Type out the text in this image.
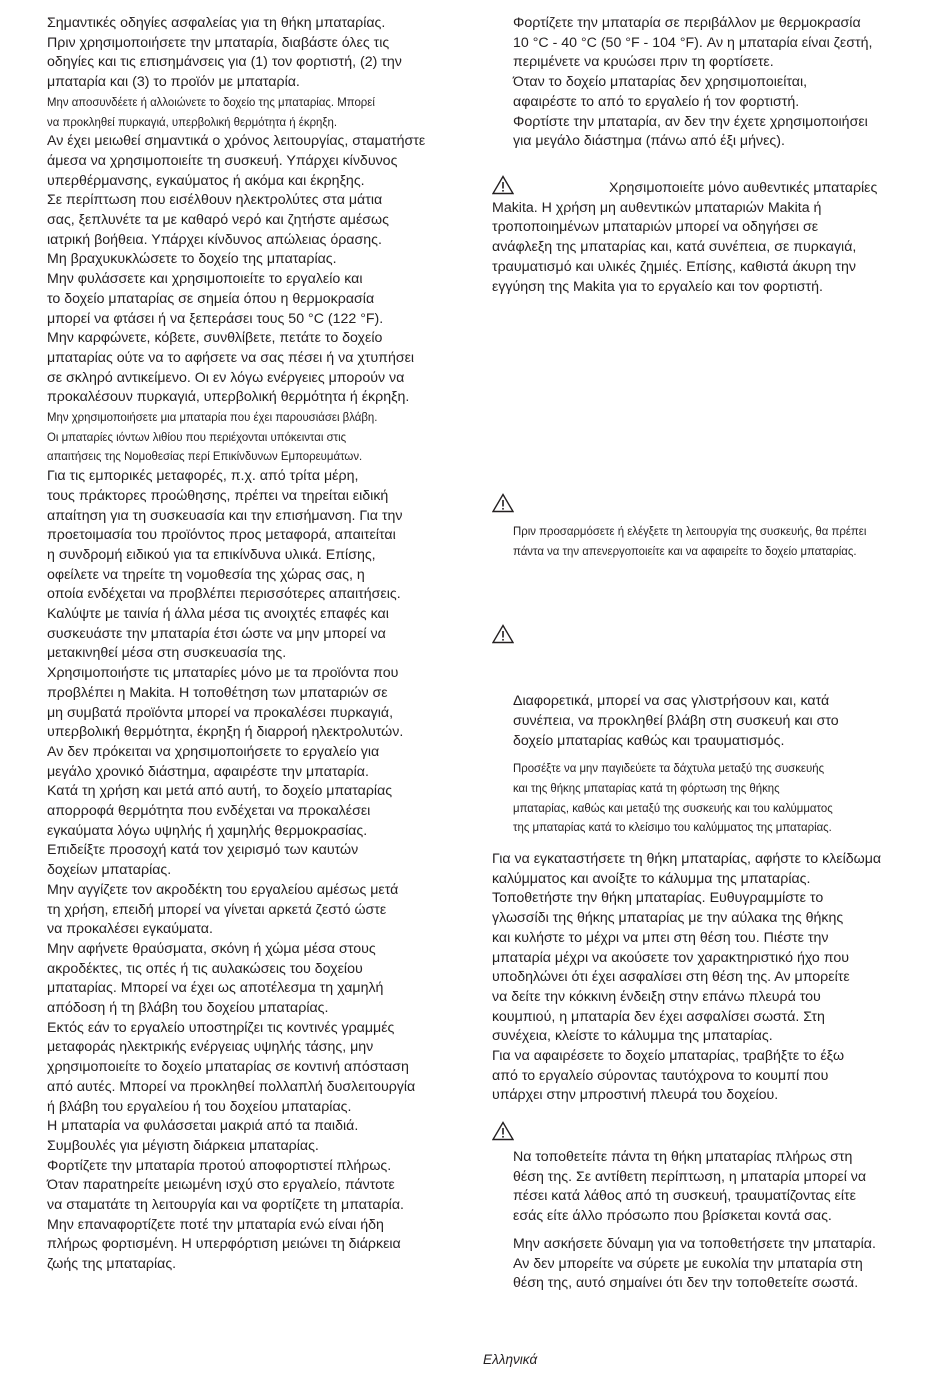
Σημαντικές οδηγίες ασφαλείας για τη θήκη μπαταρίας.
Πριν χρησιμοποιήσετε την μπαταρία, διαβάστε όλες τις
οδηγίες και τις επισημάνσεις για (1) τον φορτιστή, (2) την
μπαταρία και (3) το προϊόν με μπαταρία.
Μην αποσυνδέετε ή αλλοιώνετε το δοχείο της μπαταρίας. Μπορεί
να προκληθεί πυρκαγιά, υπερβολική θερμότητα ή έκρηξη.
Αν έχει μειωθεί σημαντικά ο χρόνος λειτουργίας, σταματήστε
άμεσα να χρησιμοποιείτε τη συσκευή. Υπάρχει κίνδυνος
υπερθέρμανσης, εγκαύματος ή ακόμα και έκρηξης.
Σε περίπτωση που εισέλθουν ηλεκτρολύτες στα μάτια
σας, ξεπλυνέτε τα με καθαρό νερό και ζητήστε αμέσως
ιατρική βοήθεια. Υπάρχει κίνδυνος απώλειας όρασης.
Μη βραχυκυκλώσετε το δοχείο της μπαταρίας.
Μην φυλάσσετε και χρησιμοποιείτε το εργαλείο και
το δοχείο μπαταρίας σε σημεία όπου η θερμοκρασία
μπορεί να φτάσει ή να ξεπεράσει τους 50 °C (122 °F).
Μην καρφώνετε, κόβετε, συνθλίβετε, πετάτε το δοχείο
μπαταρίας ούτε να το αφήσετε να σας πέσει ή να χτυπήσει
σε σκληρό αντικείμενο. Οι εν λόγω ενέργειες μπορούν να
προκαλέσουν πυρκαγιά, υπερβολική θερμότητα ή έκρηξη.
Μην χρησιμοποιήσετε μια μπαταρία που έχει παρουσιάσει βλάβη.
Οι μπαταρίες ιόντων λιθίου που περιέχονται υπόκεινται στις
απαιτήσεις της Νομοθεσίας περί Επικίνδυνων Εμπορευμάτων.
Για τις εμπορικές μεταφορές, π.χ. από τρίτα μέρη,
τους πράκτορες προώθησης, πρέπει να τηρείται ειδική
απαίτηση για τη συσκευασία και την επισήμανση. Για την
προετοιμασία του προϊόντος προς μεταφορά, απαιτείται
η συνδρομή ειδικού για τα επικίνδυνα υλικά. Επίσης,
οφείλετε να τηρείτε τη νομοθεσία της χώρας σας, η
οποία ενδέχεται να προβλέπει περισσότερες απαιτήσεις.
Καλύψτε με ταινία ή άλλα μέσα τις ανοιχτές επαφές και
συσκευάστε την μπαταρία έτσι ώστε να μην μπορεί να
μετακινηθεί μέσα στη συσκευασία της.
Χρησιμοποιήστε τις μπαταρίες μόνο με τα προϊόντα που
προβλέπει η Makita. Η τοποθέτηση των μπαταριών σε
μη συμβατά προϊόντα μπορεί να προκαλέσει πυρκαγιά,
υπερβολική θερμότητα, έκρηξη ή διαρροή ηλεκτρολυτών.
Αν δεν πρόκειται να χρησιμοποιήσετε το εργαλείο για
μεγάλο χρονικό διάστημα, αφαιρέστε την μπαταρία.
Κατά τη χρήση και μετά από αυτή, το δοχείο μπαταρίας
απορροφά θερμότητα που ενδέχεται να προκαλέσει
εγκαύματα λόγω υψηλής ή χαμηλής θερμοκρασίας.
Επιδείξτε προσοχή κατά τον χειρισμό των καυτών
δοχείων μπαταρίας.
Μην αγγίζετε τον ακροδέκτη του εργαλείου αμέσως μετά
τη χρήση, επειδή μπορεί να γίνεται αρκετά ζεστό ώστε
να προκαλέσει εγκαύματα.
Μην αφήνετε θραύσματα, σκόνη ή χώμα μέσα στους
ακροδέκτες, τις οπές ή τις αυλακώσεις του δοχείου
μπαταρίας. Μπορεί να έχει ως αποτέλεσμα τη χαμηλή
απόδοση ή τη βλάβη του δοχείου μπαταρίας.
Εκτός εάν το εργαλείο υποστηρίζει τις κοντινές γραμμές
μεταφοράς ηλεκτρικής ενέργειας υψηλής τάσης, μην
χρησιμοποιείτε το δοχείο μπαταρίας σε κοντινή απόσταση
από αυτές. Μπορεί να προκληθεί πολλαπλή δυσλειτουργία
ή βλάβη του εργαλείου ή του δοχείου μπαταρίας.
Η μπαταρία να φυλάσσεται μακριά από τα παιδιά.
Συμβουλές για μέγιστη διάρκεια μπαταρίας.
Φορτίζετε την μπαταρία προτού αποφορτιστεί πλήρως.
Όταν παρατηρείτε μειωμένη ισχύ στο εργαλείο, πάντοτε
να σταματάτε τη λειτουργία και να φορτίζετε τη μπαταρία.
Μην επαναφορτίζετε ποτέ την μπαταρία ενώ είναι ήδη
πλήρως φορτισμένη. Η υπερφόρτιση μειώνει τη διάρκεια
ζωής της μπαταρίας.
Φορτίζετε την μπαταρία σε περιβάλλον με θερμοκρασία
10 °C - 40 °C (50 °F - 104 °F). Αν η μπαταρία είναι ζεστή,
περιμένετε να κρυώσει πριν τη φορτίσετε.
Όταν το δοχείο μπαταρίας δεν χρησιμοποιείται,
αφαιρέστε το από το εργαλείο ή τον φορτιστή.
Φορτίστε την μπαταρία, αν δεν την έχετε χρησιμοποιήσει
για μεγάλο διάστημα (πάνω από έξι μήνες).
Χρησιμοποιείτε μόνο αυθεντικές μπαταρίες
Makita. Η χρήση μη αυθεντικών μπαταριών Makita ή
τροποποιημένων μπαταριών μπορεί να οδηγήσει σε
ανάφλεξη της μπαταρίας και, κατά συνέπεια, σε πυρκαγιά,
τραυματισμό και υλικές ζημιές. Επίσης, καθιστά άκυρη την
εγγύηση της Makita για το εργαλείο και τον φορτιστή.
Πριν προσαρμόσετε ή ελέγξετε τη λειτουργία της συσκευής, θα πρέπει
πάντα να την απενεργοποιείτε και να αφαιρείτε το δοχείο μπαταρίας.
Διαφορετικά, μπορεί να σας γλιστρήσουν και, κατά
συνέπεια, να προκληθεί βλάβη στη συσκευή και στο
δοχείο μπαταρίας καθώς και τραυματισμός.
Προσέξτε να μην παγιδεύετε τα δάχτυλα μεταξύ της συσκευής
και της θήκης μπαταρίας κατά τη φόρτωση της θήκης
μπαταρίας, καθώς και μεταξύ της συσκευής και του καλύμματος
της μπαταρίας κατά το κλείσιμο του καλύμματος της μπαταρίας.
Για να εγκαταστήσετε τη θήκη μπαταρίας, αφήστε το κλείδωμα
καλύμματος και ανοίξτε το κάλυμμα της μπαταρίας.
Τοποθετήστε την θήκη μπαταρίας. Ευθυγραμμίστε το
γλωσσίδι της θήκης μπαταρίας με την αύλακα της θήκης
και κυλήστε το μέχρι να μπει στη θέση του. Πιέστε την
μπαταρία μέχρι να ακούσετε τον χαρακτηριστικό ήχο που
υποδηλώνει ότι έχει ασφαλίσει στη θέση της. Αν μπορείτε
να δείτε την κόκκινη ένδειξη στην επάνω πλευρά του
κουμπιού, η μπαταρία δεν έχει ασφαλίσει σωστά. Στη
συνέχεια, κλείστε το κάλυμμα της μπαταρίας.
Για να αφαιρέσετε το δοχείο μπαταρίας, τραβήξτε το έξω
από το εργαλείο σύροντας ταυτόχρονα το κουμπί που
υπάρχει στην μπροστινή πλευρά του δοχείου.
Να τοποθετείτε πάντα τη θήκη μπαταρίας πλήρως στη
θέση της. Σε αντίθετη περίπτωση, η μπαταρία μπορεί να
πέσει κατά λάθος από τη συσκευή, τραυματίζοντας είτε
εσάς είτε άλλο πρόσωπο που βρίσκεται κοντά σας.
Μην ασκήσετε δύναμη για να τοποθετήσετε την μπαταρία.
Αν δεν μπορείτε να σύρετε με ευκολία την μπαταρία στη
θέση της, αυτό σημαίνει ότι δεν την τοποθετείτε σωστά.
Ελληνικά
